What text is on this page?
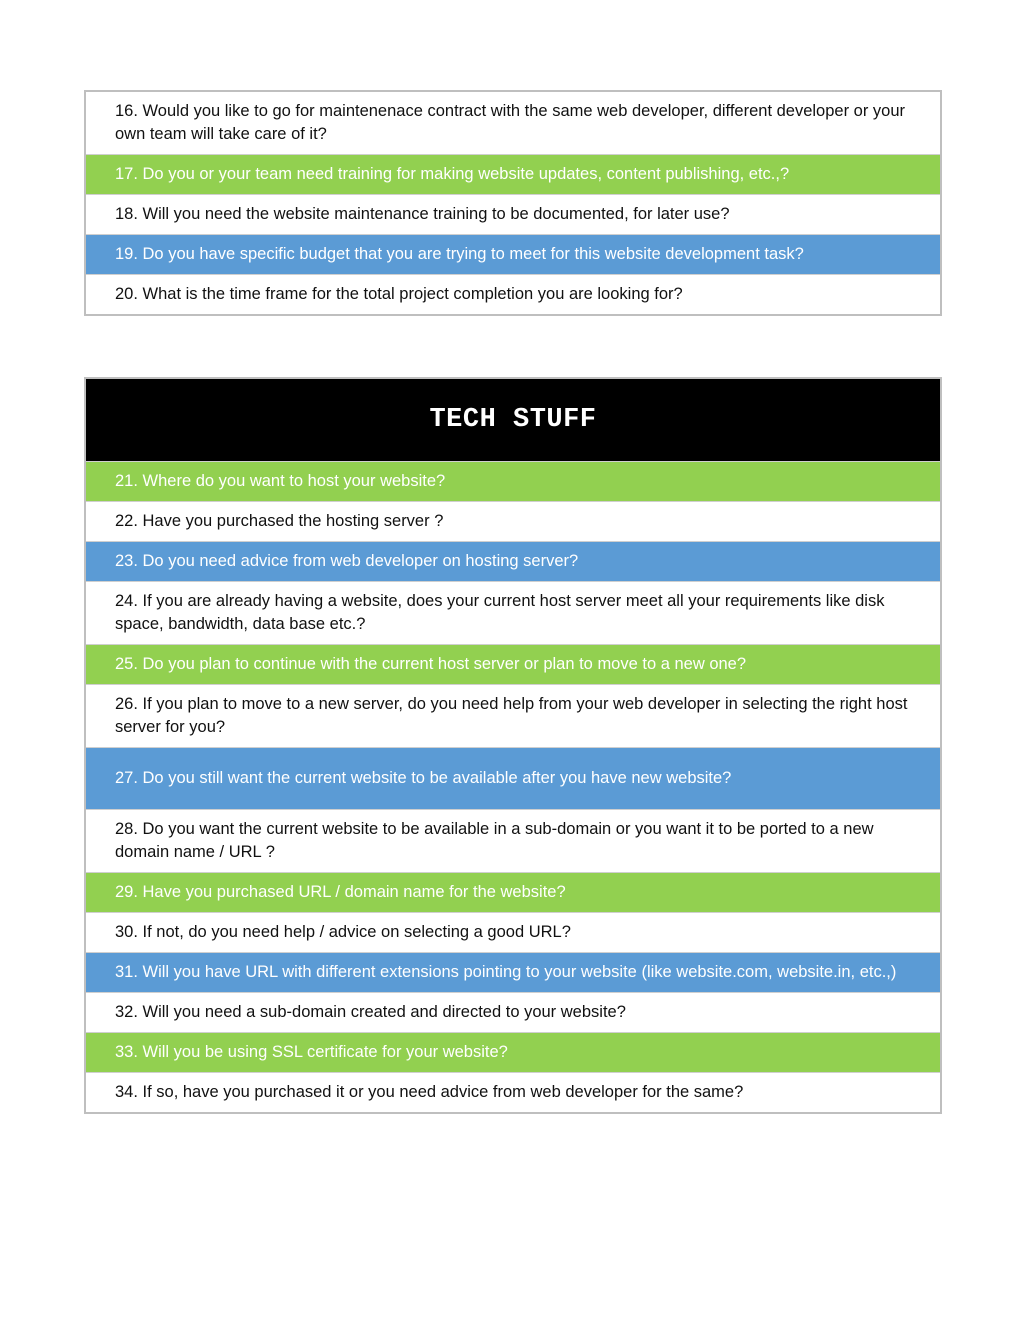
16. Would you like to go for maintenenace contract with the same web developer, different developer or your own team will take care of it?
17. Do you or your team need training for making website updates, content publishing, etc.,?
18. Will you need the website maintenance training to be documented, for later use?
19. Do you have specific budget that you are trying to meet for this website development task?
20. What is the time frame for the total project completion you are looking for?
TECH STUFF
21. Where do you want to host your website?
22. Have you purchased the hosting server ?
23. Do you need advice from web developer on hosting server?
24. If you are already having a website, does your current host server meet all your requirements like disk space, bandwidth, data base etc.?
25. Do you plan to continue with the current host server or plan to move to a new one?
26. If you plan to move to a new server, do you need help from your web developer in selecting the right host server for you?
27. Do you still want the current website to be available after you have new website?
28. Do you want the current website to be available in a sub-domain or you want it to be ported to a new domain name / URL ?
29. Have you purchased URL / domain name for the website?
30. If not, do you need help / advice on selecting a good URL?
31. Will you have URL with different extensions pointing to your website (like website.com, website.in, etc.,)
32. Will you need a sub-domain created and directed to your website?
33. Will you be using SSL certificate for your website?
34. If so, have you purchased it or you need advice from web developer for the same?
